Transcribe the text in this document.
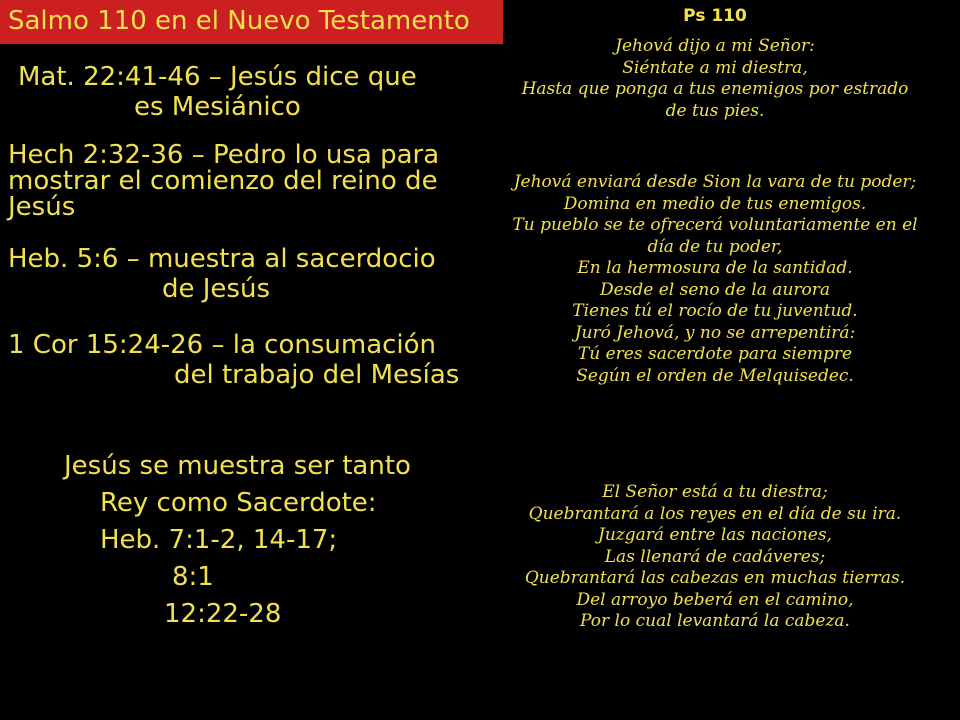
Salmo 110 en el Nuevo Testamento
Mat. 22:41-46 – Jesús dice que
es Mesiánico
Hech 2:32-36 – Pedro lo usa para
mostrar el comienzo del reino de
Jesús
Heb. 5:6 – muestra al sacerdocio
de Jesús
1 Cor 15:24-26 – la consumación
del trabajo del Mesías
Jesús se muestra ser tanto
Rey como Sacerdote:
Heb. 7:1-2, 14-17;
8:1
12:22-28
Ps 110
Jehová dijo a mi Señor:
Siéntate a mi diestra,
Hasta que ponga a tus enemigos por estrado
de tus pies.
Jehová enviará desde Sion la vara de tu poder;
Domina en medio de tus enemigos.
Tu pueblo se te ofrecerá voluntariamente en el
día de tu poder,
En la hermosura de la santidad.
Desde el seno de la aurora
Tienes tú el rocío de tu juventud.
Juró Jehová, y no se arrepentirá:
Tú eres sacerdote para siempre
Según el orden de Melquisedec.
El Señor está a tu diestra;
Quebrantará a los reyes en el día de su ira.
Juzgará entre las naciones,
Las llenará de cadáveres;
Quebrantará las cabezas en muchas tierras.
Del arroyo beberá en el camino,
Por lo cual levantará la cabeza.
